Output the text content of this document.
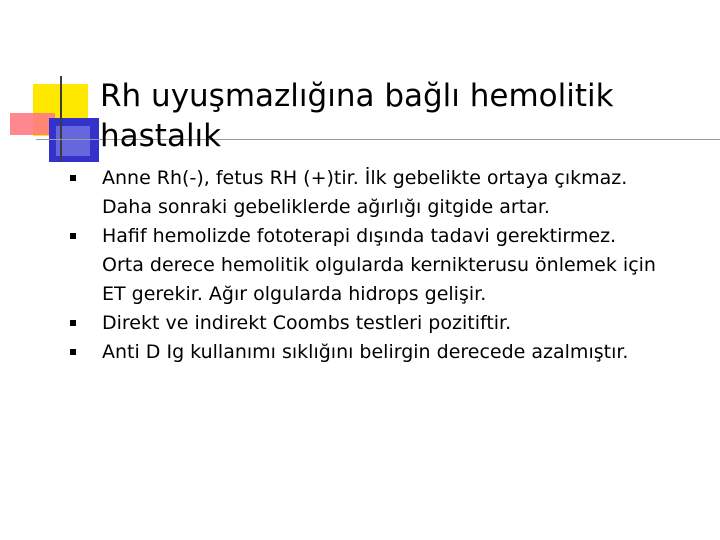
Rh uyuşmazlığına bağlı hemolitik hastalık

Anne Rh(-), fetus RH (+)tir. İlk gebelikte ortaya çıkmaz. Daha sonraki gebeliklerde ağırlığı gitgide artar.
Hafif hemolizde fototerapi dışında tadavi gerektirmez. Orta derece hemolitik olgularda kernikterusu önlemek için ET gerekir. Ağır olgularda hidrops gelişir.
Direkt ve indirekt Coombs testleri pozitiftir.
Anti D Ig kullanımı sıklığını belirgin derecede azalmıştır.
